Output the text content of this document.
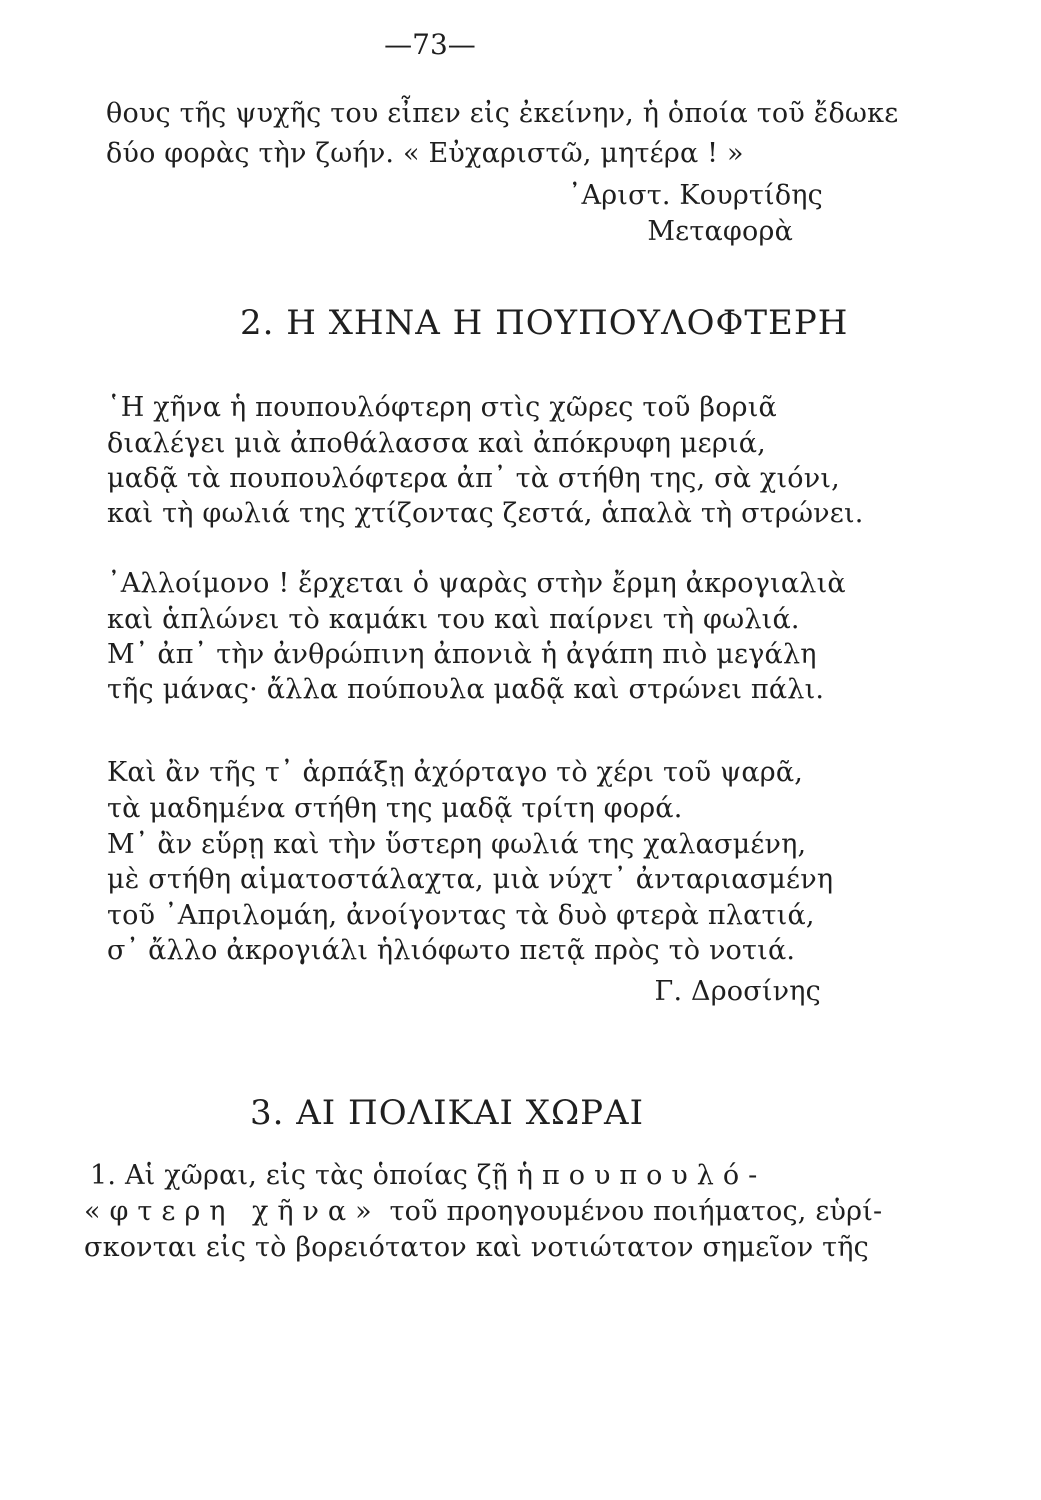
—73—
θους τῆς ψυχῆς του εἶπεν εἰς ἐκείνην, ἡ ὁποία τοῦ ἔδωκε
δύο φορὰς τὴν ζωήν. « Εὐχαριστῶ, μητέρα ! »
᾿Αριστ. Κουρτίδης
Μεταφορὰ
2. Η ΧΗΝΑ Η ΠΟΥΠΟΥΛΟΦΤΕΡΗ
῾Η χῆνα ἡ πουπουλόφτερη στὶς χῶρες τοῦ βοριᾶ
διαλέγει μιὰ ἀποθάλασσα καὶ ἀπόκρυφη μεριά,
μαδᾷ τὰ πουπουλόφτερα ἀπ᾿ τὰ στήθη της, σὰ χιόνι,
καὶ τὴ φωλιά της χτίζοντας ζεστά, ἁπαλὰ τὴ στρώνει.
᾿Αλλοίμονο ! ἔρχεται ὁ ψαρὰς στὴν ἔρμη ἀκρογιαλιὰ
καὶ ἁπλώνει τὸ καμάκι του καὶ παίρνει τὴ φωλιά.
Μ᾿ ἀπ᾿ τὴν ἀνθρώπινη ἀπονιὰ ἡ ἀγάπη πιὸ μεγάλη
τῆς μάνας· ἄλλα πούπουλα μαδᾷ καὶ στρώνει πάλι.
Καὶ ἂν τῆς τ᾿ ἁρπάξῃ ἀχόρταγο τὸ χέρι τοῦ ψαρᾶ,
τὰ μαδημένα στήθη της μαδᾷ τρίτη φορά.
Μ᾿ ἂν εὕρῃ καὶ τὴν ὕστερη φωλιά της χαλασμένη,
μὲ στήθη αἱματοστάλαχτα, μιὰ νύχτ᾿ ἀνταριασμένη
τοῦ ᾿Απριλομάη, ἀνοίγοντας τὰ δυὸ φτερὰ πλατιά,
σ᾿ ἄλλο ἀκρογιάλι ἡλιόφωτο πετᾷ πρὸς τὸ νοτιά.
Γ. Δροσίνης
3. ΑΙ ΠΟΛΙΚΑΙ ΧΩΡΑΙ
1. Αἱ χῶραι, εἰς τὰς ὁποίας ζῇ ἡ πουπουλό-
«φτερη χῆνα» τοῦ προηγουμένου ποιήματος, εὑρί-
σκονται εἰς τὸ βορειότατον καὶ νοτιώτατον σημεῖον τῆς
